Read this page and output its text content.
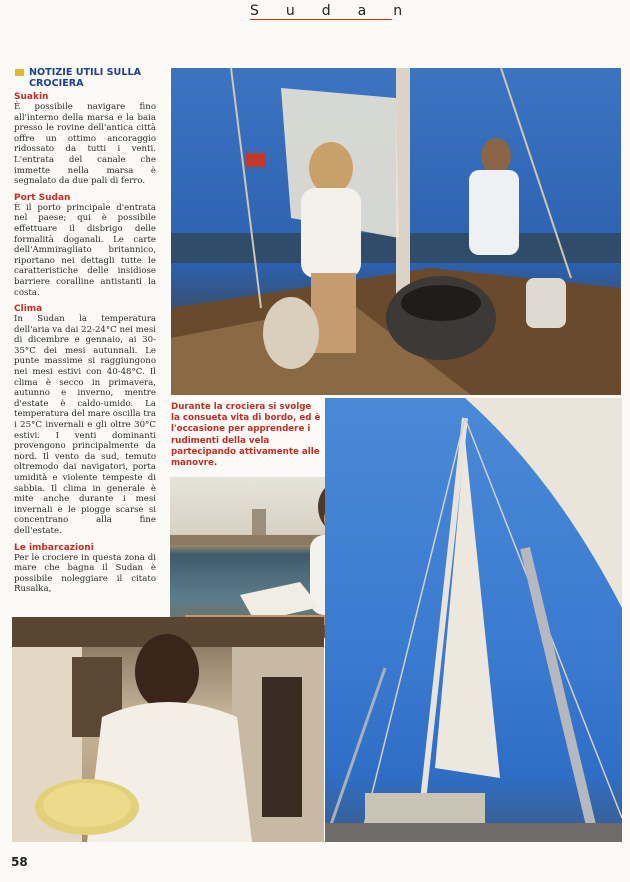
Sudan
NOTIZIE UTILI SULLA CROCIERA
Suakin

È possibile navigare fino all'interno della marsa e la baia presso le rovine dell'antica città offre un ottimo ancoraggio ridossato da tutti i venti. L'entrata del canale che immette nella marsa è segnalato da due pali di ferro.

Port Sudan

È il porto principale d'entrata nel paese; qui è possibile effettuare il disbrigo delle formalità doganali. Le carte dell'Ammiragliato britannico, riportano nei dettagli tutte le caratteristiche delle insidiose barriere coralline antistanti la costa.

Clima

In Sudan la temperatura dell'aria va dai 22-24°C nei mesi di dicembre e gennaio, ai 30-35°C dei mesi autunnali. Le punte massime si raggiungono nei mesi estivi con 40-48°C. Il clima è secco in primavera, autunno e inverno, mentre d'estate è caldo-umido. La temperatura del mare oscilla tra i 25°C invernali e gli oltre 30°C estivi. I venti dominanti provengono principalmente da nord. Il vento da sud, temuto oltremodo dai navigatori, porta umidità e violente tempeste di sabbia. Il clima in generale è mite anche durante i mesi invernali e le piogge scarse si concentrano alla fine dell'estate.

Le imbarcazioni

Per le crociere in questa zona di mare che bagna il Sudan è possibile noleggiare il citato Rusalka,

Durante la crociera si svolge la consueta vita di bordo, ed è l'occasione per apprendere i rudimenti della vela partecipando attivamente alle manovre.
58
